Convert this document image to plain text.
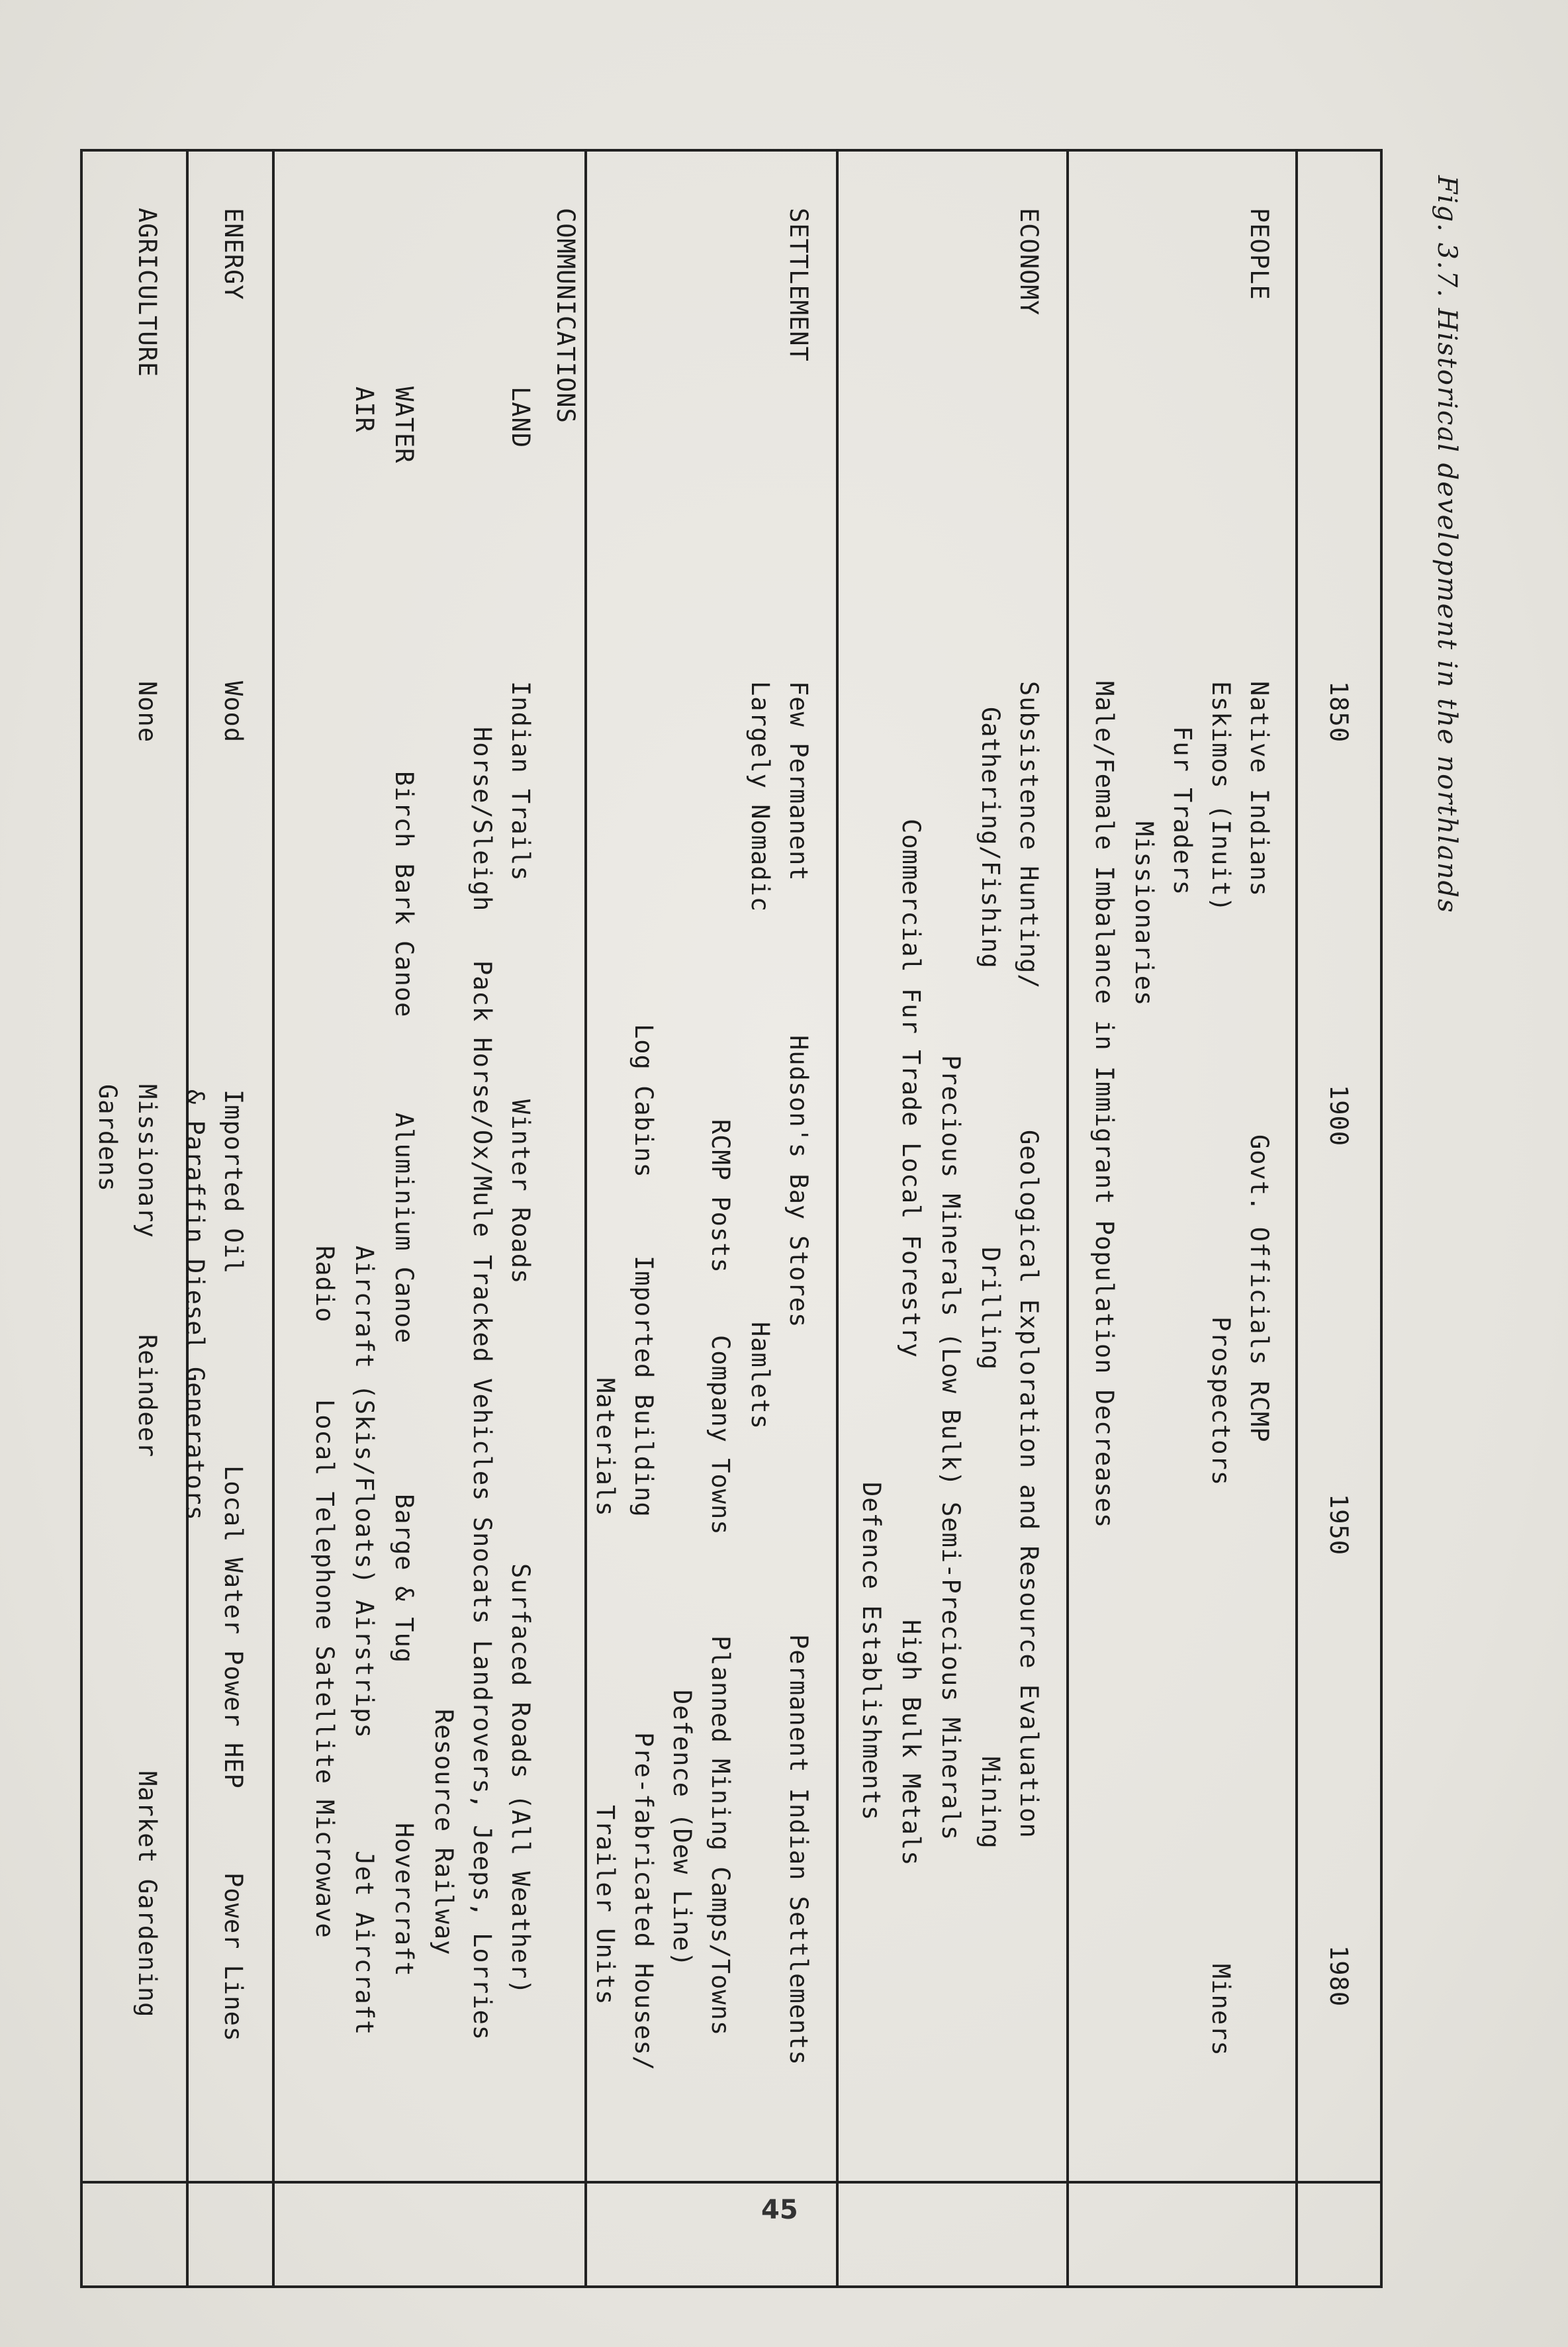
Fig. 3.7. Historical development in the northlands
1850
1900
1950
1980
PEOPLE
Native Indians
Govt. Officials RCMP
Eskimos (Inuit)
Fur Traders
Prospectors
Miners
Missionaries
Male/Female Imbalance in Immigrant Population Decreases
ECONOMY
Subsistence Hunting/
Geological Exploration and Resource Evaluation
Gathering/Fishing
Drilling
Mining
Precious Minerals (Low Bulk) Semi-Precious Minerals
Commercial Fur Trade
Local Forestry
High Bulk Metals
Defence Establishments
SETTLEMENT
Few Permanent
Hudson's Bay Stores
Permanent Indian Settlements
Largely Nomadic
Hamlets
RCMP Posts
Company Towns
Planned Mining Camps/Towns
Defence (Dew Line)
Log Cabins
Imported Building
Pre-fabricated Houses/
Materials
Trailer Units
COMMUNICATIONS
LAND
Indian Trails
Winter Roads
Surfaced Roads (All Weather)
Horse/Sleigh
Pack Horse/Ox/Mule
Tracked Vehicles Snocats Landrovers, Jeeps, Lorries
Resource Railway
WATER
Birch Bark Canoe
Aluminium Canoe
Barge & Tug
Hovercraft
AIR
Aircraft (Skis/Floats) Airstrips
Jet Aircraft
Radio
Local Telephone Satellite Microwave
ENERGY
Wood
Imported Oil
Local Water Power HEP
Power Lines
& Paraffin Diesel Generators
AGRICULTURE
None
Missionary
Reindeer
Market Gardening
Gardens
45
